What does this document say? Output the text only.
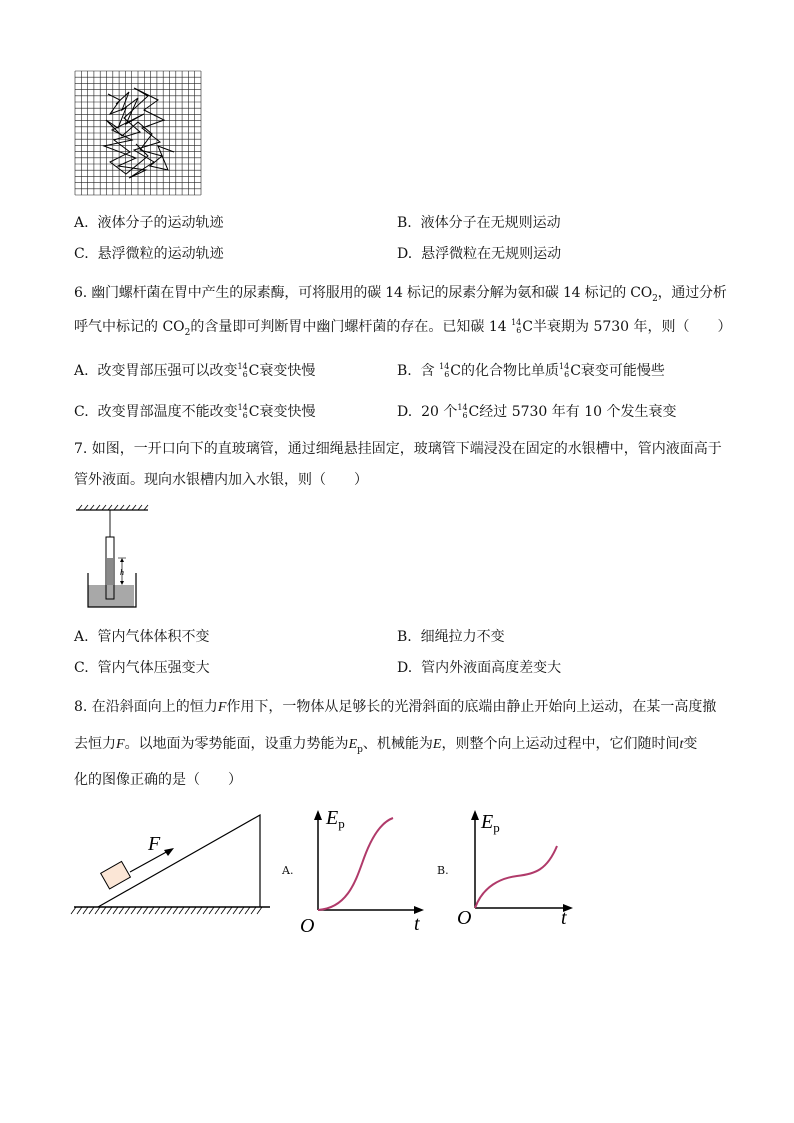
A. 液体分子的运动轨迹	B. 液体分子在无规则运动
C. 悬浮微粒的运动轨迹	D. 悬浮微粒在无规则运动
6. 幽门螺杆菌在胃中产生的尿素酶，可将服用的碳 14 标记的尿素分解为氨和碳 14 标记的 $CO_2$，通过分析
呼气中标记的 $CO_2$的含量即可判断胃中幽门螺杆菌的存在。已知碳 14 14
6 C半衰期为 5730 年，则（　　）
A. 改变胃部压强可以改变 14
6 C衰变快慢	B. 含 14
6 C的化合物比单质 14
6 C衰变可能慢些
C. 改变胃部温度不能改变 14
6 C衰变快慢	D. 20 个 14
6 C经过 5730 年有 10 个发生衰变
7. 如图，一开口向下的直玻璃管，通过细绳悬挂固定，玻璃管下端浸没在固定的水银槽中，管内液面高于
管外液面。现向水银槽内加入水银，则（　　）
h
A. 管内气体体积不变	B. 细绳拉力不变
C. 管内气体压强变大	D. 管内外液面高度差变大
8. 在沿斜面向上的恒力F作用下，一物体从足够长的光滑斜面的底端由静止开始向上运动，在某一高度撤
去恒力F。以地面为零势能面，设重力势能为$E_p$、机械能为E，则整个向上运动过程中，它们随时间t变
化的图像正确的是（　　）
F
A.
$E_p$
t
O
B.
$E_p$
t
O
